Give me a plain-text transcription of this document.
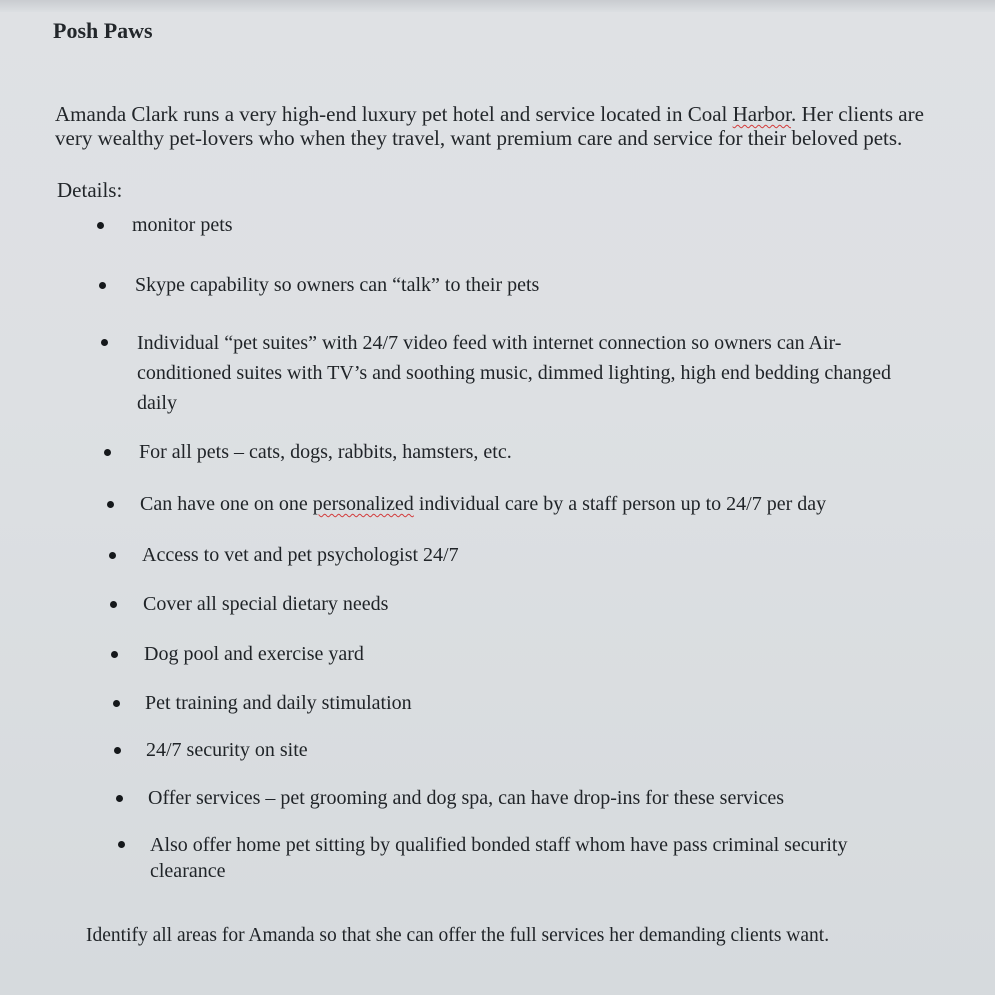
Posh Paws

Amanda Clark runs a very high-end luxury pet hotel and service located in Coal Harbor. Her clients are very wealthy pet-lovers who when they travel, want premium care and service for their beloved pets.

Details:

monitor pets
Skype capability so owners can “talk” to their pets
Individual “pet suites” with 24/7 video feed with internet connection so owners can Air-conditioned suites with TV’s and soothing music, dimmed lighting, high end bedding changed daily
For all pets – cats, dogs, rabbits, hamsters, etc.
Can have one on one personalized individual care by a staff person up to 24/7 per day
Access to vet and pet psychologist 24/7
Cover all special dietary needs
Dog pool and exercise yard
Pet training and daily stimulation
24/7 security on site
Offer services – pet grooming and dog spa, can have drop-ins for these services
Also offer home pet sitting by qualified bonded staff whom have pass criminal security clearance

Identify all areas for Amanda so that she can offer the full services her demanding clients want.
